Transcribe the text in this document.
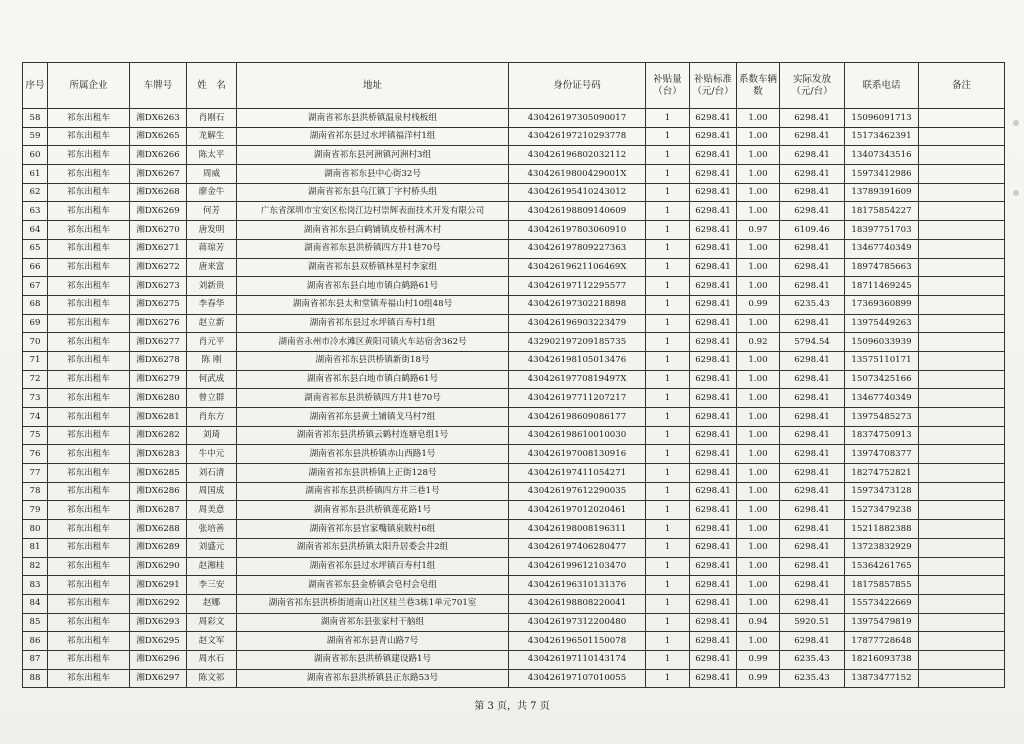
序号	所属企业	车牌号	姓　名	地址	身份证号码	补贴量（台）	补贴标准（元/台）	系数车辆数	实际发放（元/台）	联系电话	备注
58	祁东出租车	湘DX6263	肖刚石	湖南省祁东县洪桥镇温泉村栈板组	430426197305090017	1	6298.41	1.00	6298.41	15096091713	
59	祁东出租车	湘DX6265	龙解生	湖南省祁东县过水坪镇福洋村1组	430426197210293778	1	6298.41	1.00	6298.41	15173462391	
60	祁东出租车	湘DX6266	陈太平	湖南省祁东县河洲镇河洲村3组	430426196802032112	1	6298.41	1.00	6298.41	13407343516	
61	祁东出租车	湘DX6267	周威	湖南省祁东县中心街32号	43042619800429001X	1	6298.41	1.00	6298.41	15973412986	
62	祁东出租车	湘DX6268	廖金牛	湖南省祁东县乌江镇丁字村桥头组	430426195410243012	1	6298.41	1.00	6298.41	13789391609	
63	祁东出租车	湘DX6269	何芳	广东省深圳市宝安区松岗江边村崇辉表面技术开发有限公司	430426198809140609	1	6298.41	1.00	6298.41	18175854227	
64	祁东出租车	湘DX6270	唐发明	湖南省祁东县白鹤铺镇皮桥村满木村	430426197803060910	1	6298.41	0.97	6109.46	18397751703	
65	祁东出租车	湘DX6271	蒋琼芳	湖南省祁东县洪桥镇四方井1巷70号	430426197809227363	1	6298.41	1.00	6298.41	13467740349	
66	祁东出租车	湘DX6272	唐来富	湖南省祁东县双桥镇林星村李家组	43042619621106469X	1	6298.41	1.00	6298.41	18974785663	
67	祁东出租车	湘DX6273	刘新贵	湖南省祁东县白地市镇白鹤路61号	430426197112295577	1	6298.41	1.00	6298.41	18711469245	
68	祁东出租车	湘DX6275	李春华	湖南省祁东县太和堂镇寿福山村10组48号	430426197302218898	1	6298.41	0.99	6235.43	17369360899	
69	祁东出租车	湘DX6276	赵立新	湖南省祁东县过水坪镇百寿村1组	430426196903223479	1	6298.41	1.00	6298.41	13975449263	
70	祁东出租车	湘DX6277	肖元平	湖南省永州市冷水滩区黄阳司镇火车站宿舍362号	432902197209185735	1	6298.41	0.92	5794.54	15096033939	
71	祁东出租车	湘DX6278	陈 刚	湖南省祁东县洪桥镇新街18号	430426198105013476	1	6298.41	1.00	6298.41	13575110171	
72	祁东出租车	湘DX6279	何武成	湖南省祁东县白地市镇白鹤路61号	43042619770819497X	1	6298.41	1.00	6298.41	15073425166	
73	祁东出租车	湘DX6280	曾立群	湖南省祁东县洪桥镇四方井1巷70号	430426197711207217	1	6298.41	1.00	6298.41	13467740349	
74	祁东出租车	湘DX6281	肖东方	湖南省祁东县黄土铺镇戈马村7组	430426198609086177	1	6298.41	1.00	6298.41	13975485273	
75	祁东出租车	湘DX6282	刘琦	湖南省祁东县洪桥镇云鹤村连塘皂组1号	430426198610010030	1	6298.41	1.00	6298.41	18374750913	
76	祁东出租车	湘DX6283	牛中元	湖南省祁东县洪桥镇赤山西路1号	430426197008130916	1	6298.41	1.00	6298.41	13974708377	
77	祁东出租车	湘DX6285	刘石清	湖南省祁东县洪桥镇上正街128号	430426197411054271	1	6298.41	1.00	6298.41	18274752821	
78	祁东出租车	湘DX6286	周国成	湖南省祁东县洪桥镇四方井三巷1号	430426197612290035	1	6298.41	1.00	6298.41	15973473128	
79	祁东出租车	湘DX6287	周美意	湖南省祁东县洪桥镇莲花路1号	430426197012020461	1	6298.41	1.00	6298.41	15273479238	
80	祁东出租车	湘DX6288	张培善	湖南省祁东县官家嘴镇泉陂村6组	430426198008196311	1	6298.41	1.00	6298.41	15211882388	
81	祁东出租车	湘DX6289	刘盛元	湖南省祁东县洪桥镇太阳升居委会井2组	430426197406280477	1	6298.41	1.00	6298.41	13723832929	
82	祁东出租车	湘DX6290	赵湘桂	湖南省祁东县过水坪镇百寿村1组	430426199612103470	1	6298.41	1.00	6298.41	15364261765	
83	祁东出租车	湘DX6291	李三安	湖南省祁东县金桥镇会皂村会皂组	430426196310131376	1	6298.41	1.00	6298.41	18175857855	
84	祁东出租车	湘DX6292	赵娜	湖南省祁东县洪桥街道南山社区桂兰巷3栋1单元701室	430426198808220041	1	6298.41	1.00	6298.41	15573422669	
85	祁东出租车	湘DX6293	周彩文	湖南省祁东县张家村干脑组	430426197312200480	1	6298.41	0.94	5920.51	13975479819	
86	祁东出租车	湘DX6295	赵文军	湖南省祁东县青山路7号	430426196501150078	1	6298.41	1.00	6298.41	17877728648	
87	祁东出租车	湘DX6296	周水石	湖南省祁东县洪桥镇建设路1号	430426197110143174	1	6298.41	0.99	6235.43	18216093738	
88	祁东出租车	湘DX6297	陈文祁	湖南省祁东县洪桥镇县正东路53号	430426197107010055	1	6298.41	0.99	6235.43	13873477152	
第 3 页，共 7 页
